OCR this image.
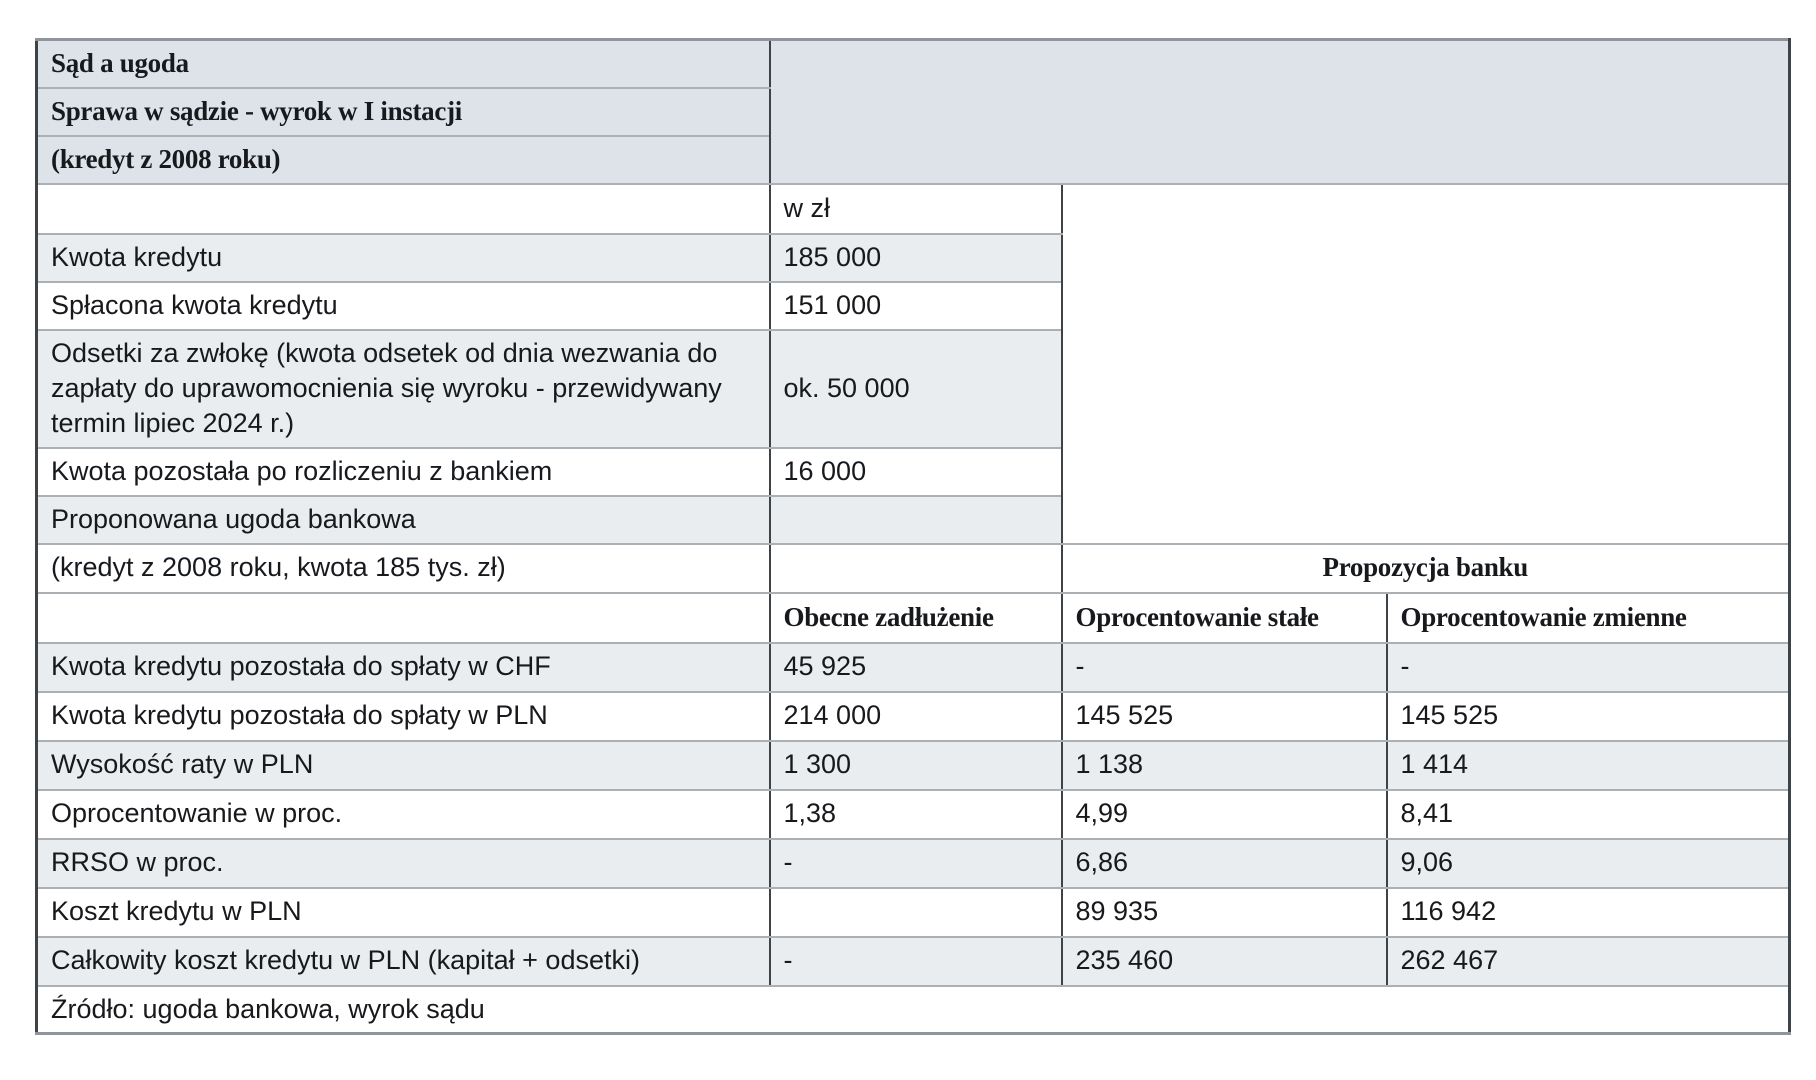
Sąd a ugoda			
Sprawa w sądzie - wyrok w I instacji			
(kredyt z 2008 roku)			
	w zł		
Kwota kredytu	185 000		
Spłacona kwota kredytu	151 000		
Odsetki za zwłokę (kwota odsetek od dnia wezwania do zapłaty do uprawomocnienia się wyroku - przewidywany termin lipiec 2024 r.)	ok. 50 000		
Kwota pozostała po rozliczeniu z bankiem	16 000		
Proponowana ugoda bankowa			
(kredyt z 2008 roku, kwota 185 tys. zł)		Propozycja banku	
	Obecne zadłużenie	Oprocentowanie stałe	Oprocentowanie zmienne
Kwota kredytu pozostała do spłaty w CHF	45 925	-	-
Kwota kredytu pozostała do spłaty w PLN	214 000	145 525	145 525
Wysokość raty w PLN	1 300	1 138	1 414
Oprocentowanie w proc.	1,38	4,99	8,41
RRSO w proc.	-	6,86	9,06
Koszt kredytu w PLN		89 935	116 942
Całkowity koszt kredytu w PLN (kapitał + odsetki)	-	235 460	262 467
Źródło: ugoda bankowa, wyrok sądu			
